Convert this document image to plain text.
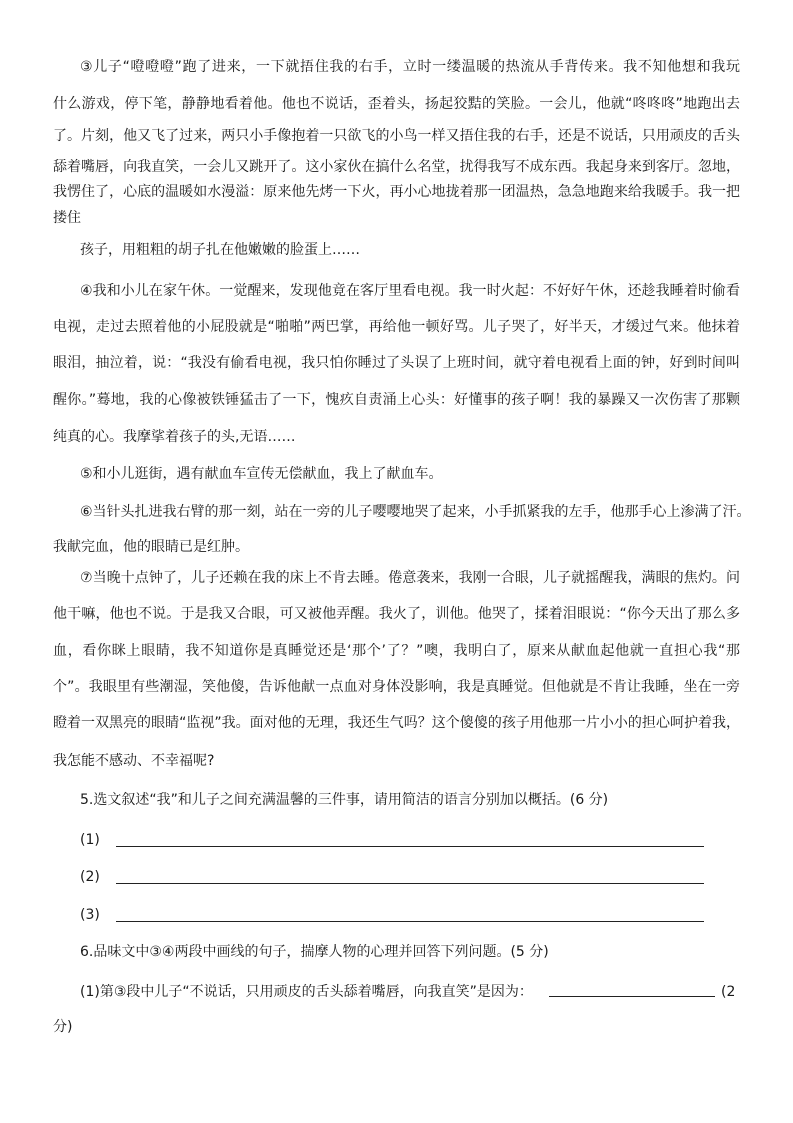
③儿子“噔噔噔”跑了进来，一下就捂住我的右手，立时一缕温暖的热流从手背传来。我不知他想和我玩
什么游戏，停下笔，静静地看着他。他也不说话，歪着头，扬起狡黠的笑脸。一会儿，他就“咚咚咚”地跑出去
了。片刻，他又飞了过来，两只小手像抱着一只欲飞的小鸟一样又捂住我的右手，还是不说话，只用顽皮的舌头
舔着嘴唇，向我直笑，一会儿又跳开了。这小家伙在搞什么名堂，扰得我写不成东西。我起身来到客厅。忽地，
我愣住了，心底的温暖如水漫溢：原来他先烤一下火，再小心地拢着那一团温热，急急地跑来给我暖手。我一把
搂住
孩子，用粗粗的胡子扎在他嫩嫩的脸蛋上……
④我和小儿在家午休。一觉醒来，发现他竟在客厅里看电视。我一时火起：不好好午休，还趁我睡着时偷看
电视，走过去照着他的小屁股就是“啪啪”两巴掌，再给他一顿好骂。儿子哭了，好半天，才缓过气来。他抹着
眼泪，抽泣着，说：“我没有偷看电视，我只怕你睡过了头误了上班时间，就守着电视看上面的钟，好到时间叫
醒你。”蓦地，我的心像被铁锤猛击了一下，愧疚自责涌上心头：好懂事的孩子啊！我的暴躁又一次伤害了那颗
纯真的心。我摩挲着孩子的头,无语……
⑤和小儿逛街，遇有献血车宣传无偿献血，我上了献血车。
⑥当针头扎进我右臂的那一刻，站在一旁的儿子嘤嘤地哭了起来，小手抓紧我的左手，他那手心上渗满了汗。
我献完血，他的眼睛已是红肿。
⑦当晚十点钟了，儿子还赖在我的床上不肯去睡。倦意袭来，我刚一合眼，儿子就摇醒我，满眼的焦灼。问
他干嘛，他也不说。于是我又合眼，可又被他弄醒。我火了，训他。他哭了，揉着泪眼说：“你今天出了那么多
血，看你眯上眼睛，我不知道你是真睡觉还是‘那个’了？”噢，我明白了，原来从献血起他就一直担心我“那
个”。我眼里有些潮湿，笑他傻，告诉他献一点血对身体没影响，我是真睡觉。但他就是不肯让我睡，坐在一旁
瞪着一双黑亮的眼睛“监视”我。面对他的无理，我还生气吗？这个傻傻的孩子用他那一片小小的担心呵护着我，
我怎能不感动、不幸福呢?
5.选文叙述“我”和儿子之间充满温馨的三件事，请用简洁的语言分别加以概括。(6 分)
(1)
(2)
(3)
6.品味文中③④两段中画线的句子，揣摩人物的心理并回答下列问题。(5 分)
(1)第③段中儿子“不说话，只用顽皮的舌头舔着嘴唇，向我直笑”是因为：	(2
分)
